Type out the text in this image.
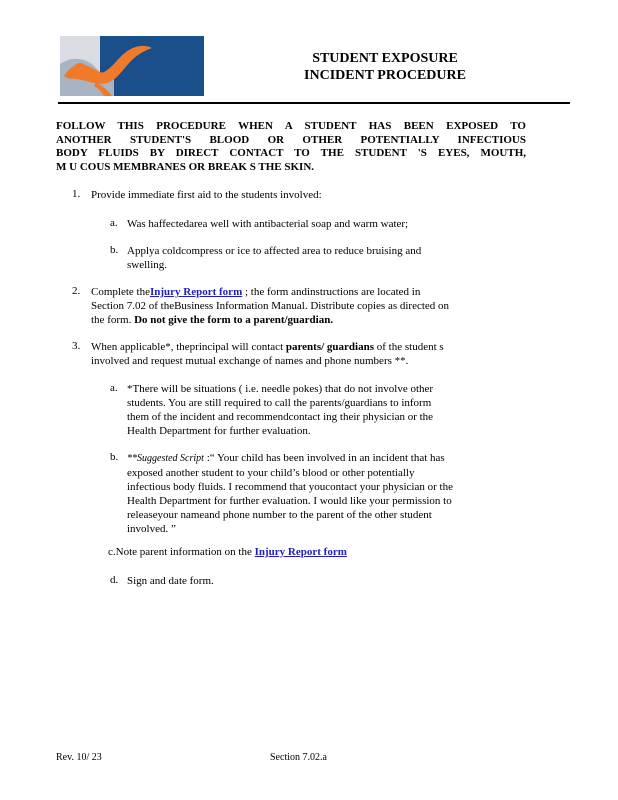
STUDENT EXPOSURE
INCIDENT PROCEDURE
FOLLOW THIS PROCEDURE WHEN A STUDENT HAS BEEN EXPOSED TO
ANOTHER STUDENT'S BLOOD OR OTHER POTENTIALLY INFECTIOUS
BODY FLUIDS BY DIRECT CONTACT TO THE STUDENT 'S EYES, MOUTH,
M U COUS MEMBRANES OR BREAK S THE SKIN.
1. Provide immediate first aid to the students involved:
a. Was haffectedarea well with antibacterial soap and warm water;
b. Applya coldcompress or ice to affected area to reduce bruising and
swelling.
2. Complete theInjury Report form ; the form andinstructions are located in
Section 7.02 of theBusiness Information Manual. Distribute copies as directed on
the form. Do not give the form to a parent/guardian.
3. When applicable*, theprincipal will contact parents/ guardians of the student s
involved and request mutual exchange of names and phone numbers **.
a. *There will be situations ( i.e. needle pokes) that do not involve other
students. You are still required to call the parents/guardians to inform
them of the incident and recommendcontact ing their physician or the
Health Department for further evaluation.
b. **Suggested Script :“ Your child has been involved in an incident that has
exposed another student to your child’s blood or other potentially
infectious body fluids. I recommend that youcontact your physician or the
Health Department for further evaluation. I would like your permission to
releaseyour nameand phone number to the parent of the other student
involved. ”
c.Note parent information on the Injury Report form
d. Sign and date form.
Rev. 10/ 23	Section 7.02.a
